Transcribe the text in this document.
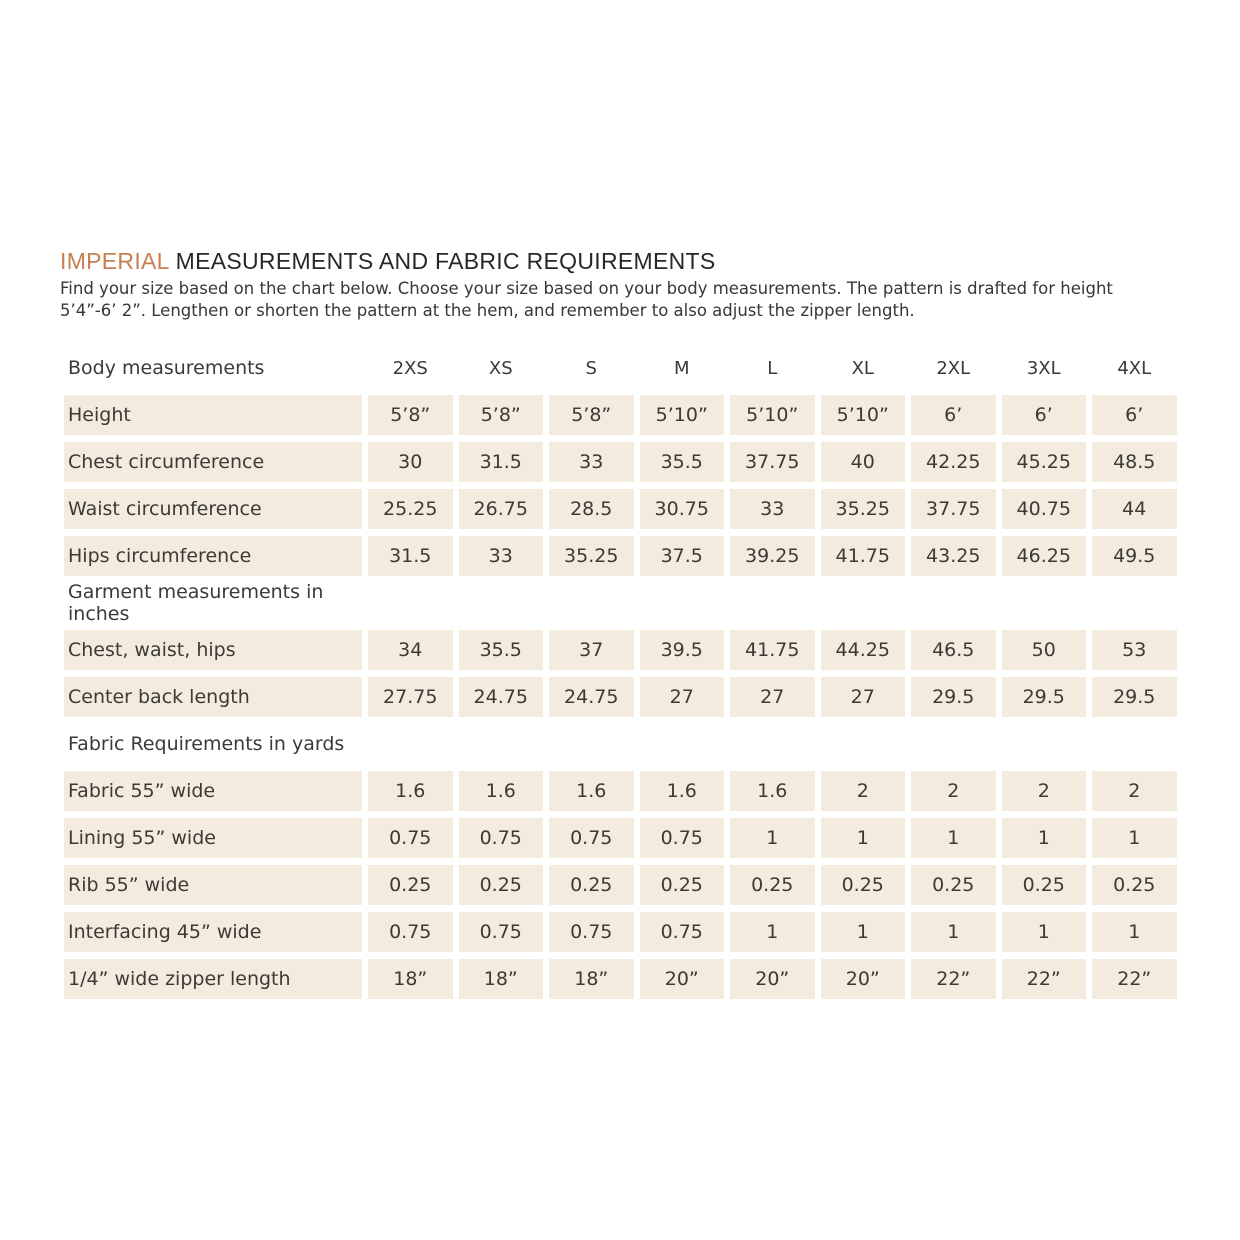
IMPERIAL MEASUREMENTS AND FABRIC REQUIREMENTS
Find your size based on the chart below. Choose your size based on your body measurements. The pattern is drafted for height
5’4”-6’ 2”. Lengthen or shorten the pattern at the hem, and remember to also adjust the zipper length.
Body measurements	2XS	XS	S	M	L	XL	2XL	3XL	4XL
Height	5’8”	5’8”	5’8”	5’10”	5’10”	5’10”	6’	6’	6’
Chest circumference	30	31.5	33	35.5	37.75	40	42.25	45.25	48.5
Waist circumference	25.25	26.75	28.5	30.75	33	35.25	37.75	40.75	44
Hips circumference	31.5	33	35.25	37.5	39.25	41.75	43.25	46.25	49.5
Garment measurements in inches
Chest, waist, hips	34	35.5	37	39.5	41.75	44.25	46.5	50	53
Center back length	27.75	24.75	24.75	27	27	27	29.5	29.5	29.5
Fabric Requirements in yards
Fabric 55” wide	1.6	1.6	1.6	1.6	1.6	2	2	2	2
Lining 55” wide	0.75	0.75	0.75	0.75	1	1	1	1	1
Rib 55” wide	0.25	0.25	0.25	0.25	0.25	0.25	0.25	0.25	0.25
Interfacing 45” wide	0.75	0.75	0.75	0.75	1	1	1	1	1
1/4” wide zipper length	18”	18”	18”	20”	20”	20”	22”	22”	22”
